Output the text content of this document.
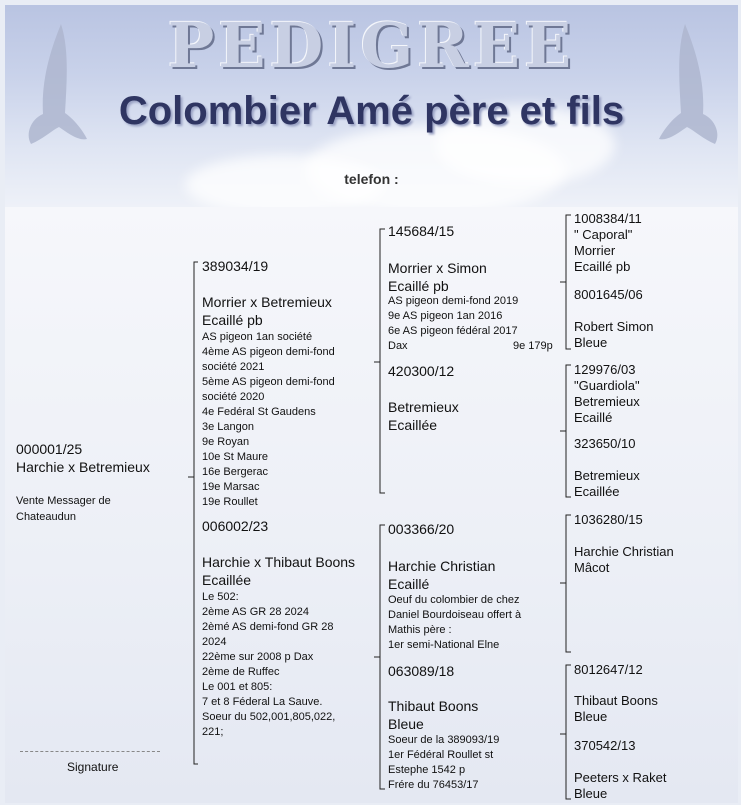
PEDIGREE
Colombier Amé père et fils
telefon :
000001/25
Harchie x Betremieux
Vente Messager de
Chateaudun
389034/19
Morrier x Betremieux
Ecaillé pb
AS pigeon 1an société
4ème AS pigeon demi-fond
société 2021
5ème AS pigeon demi-fond
société 2020
4e Fedéral St Gaudens
3e Langon
9e Royan
10e St Maure
16e Bergerac
19e Marsac
19e Roullet
006002/23
Harchie x Thibaut Boons
Ecaillée
Le 502:
2ème AS GR 28 2024
2èmé AS demi-fond GR 28
2024
22ème sur 2008 p Dax
2ème de Ruffec
Le 001 et 805:
7 et 8 Féderal La Sauve.
Soeur du 502,001,805,022,
221;
145684/15
Morrier x Simon
Ecaillé pb
AS pigeon demi-fond 2019
9e AS pigeon 1an 2016
6e AS pigeon fédéral 2017
Dax	9e 179p
420300/12
Betremieux
Ecaillée
003366/20
Harchie Christian
Ecaillé
Oeuf du colombier de chez
Daniel Bourdoiseau offert à
Mathis père :
1er semi-National Elne
063089/18
Thibaut Boons
Bleue
Soeur de la 389093/19
1er Fédéral Roullet st
Estephe 1542 p
Frére du 76453/17
1008384/11
" Caporal"
Morrier
Ecaillé pb
8001645/06
Robert Simon
Bleue
129976/03
"Guardiola"
Betremieux
Ecaillé
323650/10
Betremieux
Ecaillée
1036280/15
Harchie Christian
Mâcot
8012647/12
Thibaut Boons
Bleue
370542/13
Peeters x Raket
Bleue
Signature
